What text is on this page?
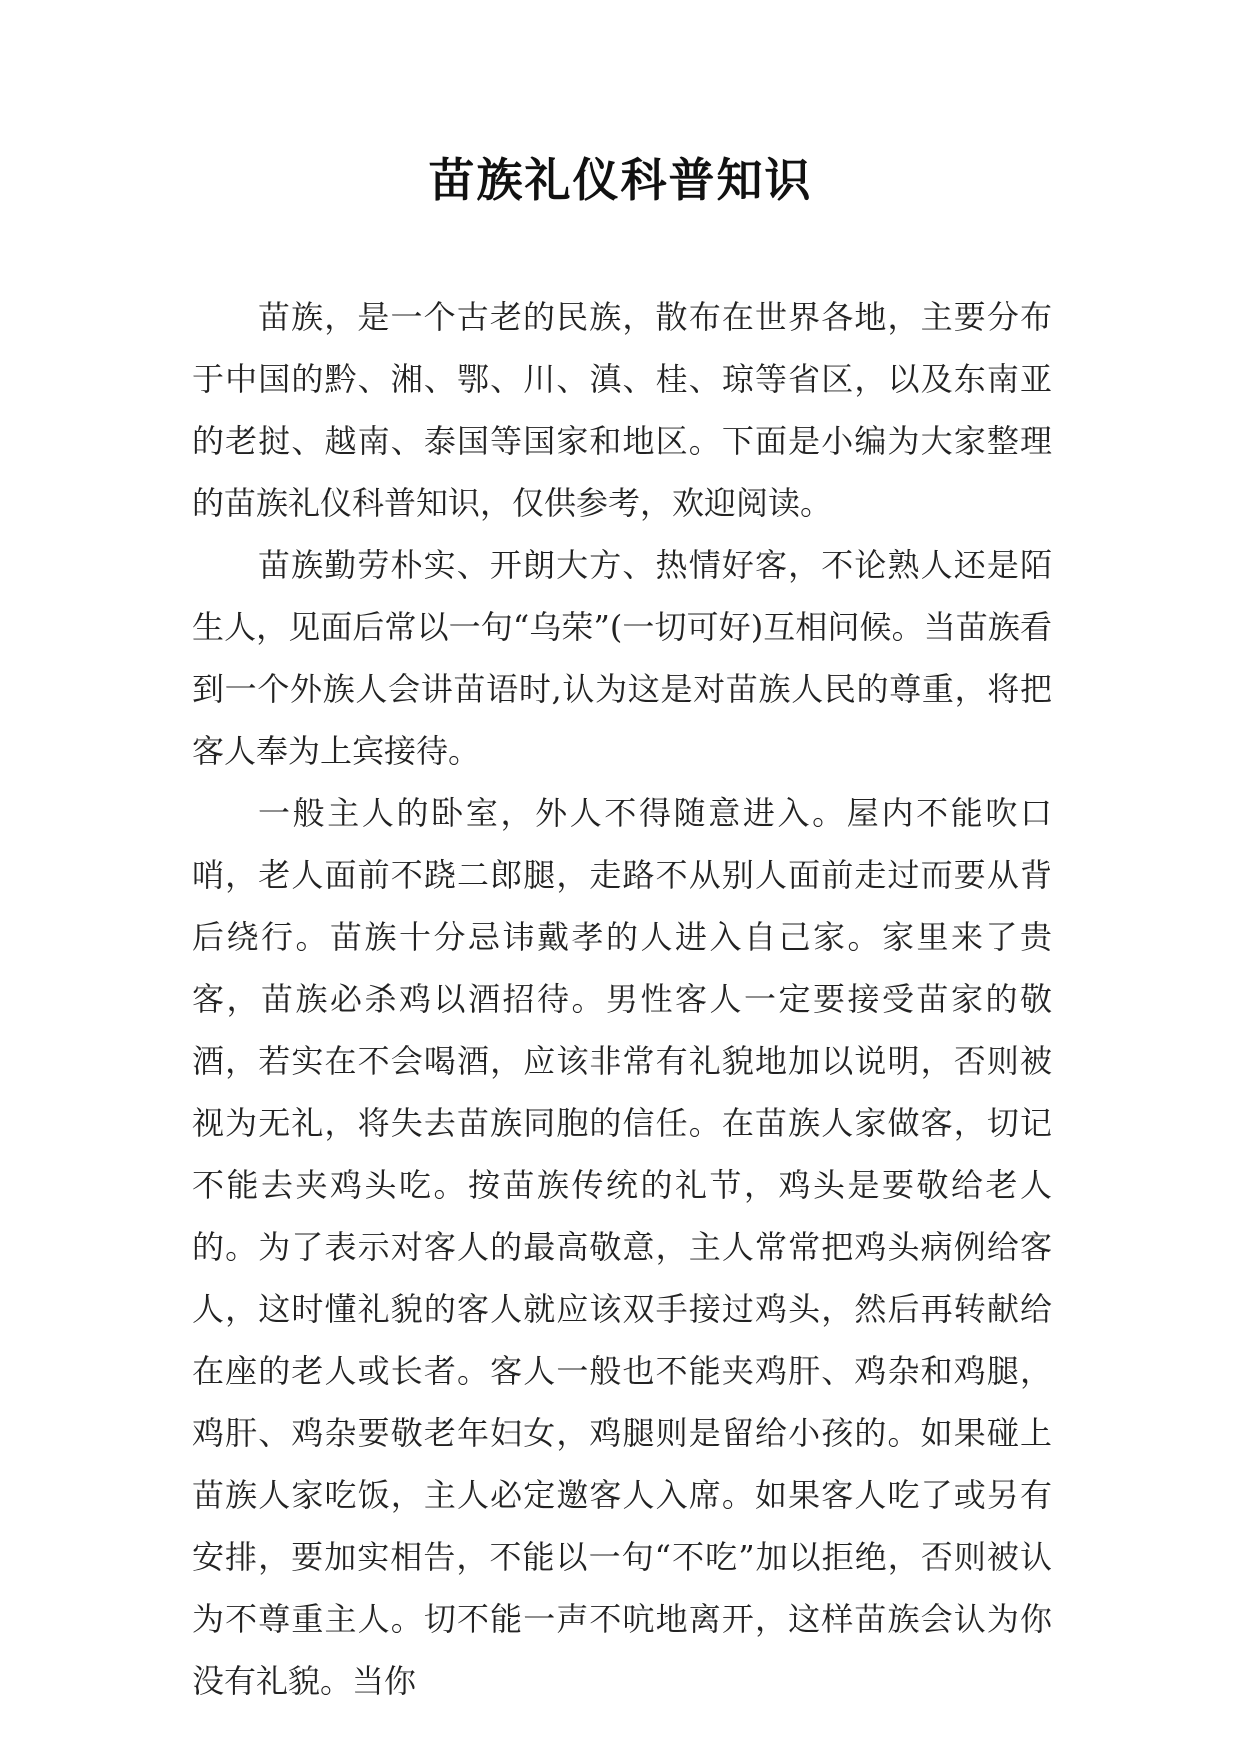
苗族礼仪科普知识

苗族，是一个古老的民族，散布在世界各地，主要分布于中国的黔、湘、鄂、川、滇、桂、琼等省区，以及东南亚的老挝、越南、泰国等国家和地区。下面是小编为大家整理的苗族礼仪科普知识，仅供参考，欢迎阅读。

苗族勤劳朴实、开朗大方、热情好客，不论熟人还是陌生人，见面后常以一句“乌荣”(一切可好)互相问候。当苗族看到一个外族人会讲苗语时,认为这是对苗族人民的尊重，将把客人奉为上宾接待。

一般主人的卧室，外人不得随意进入。屋内不能吹口哨，老人面前不跷二郎腿，走路不从别人面前走过而要从背后绕行。苗族十分忌讳戴孝的人进入自己家。家里来了贵客，苗族必杀鸡以酒招待。男性客人一定要接受苗家的敬酒，若实在不会喝酒，应该非常有礼貌地加以说明，否则被视为无礼，将失去苗族同胞的信任。在苗族人家做客，切记不能去夹鸡头吃。按苗族传统的礼节，鸡头是要敬给老人的。为了表示对客人的最高敬意，主人常常把鸡头病例给客人，这时懂礼貌的客人就应该双手接过鸡头，然后再转献给在座的老人或长者。客人一般也不能夹鸡肝、鸡杂和鸡腿，鸡肝、鸡杂要敬老年妇女，鸡腿则是留给小孩的。如果碰上苗族人家吃饭，主人必定邀客人入席。如果客人吃了或另有安排，要加实相告，不能以一句“不吃”加以拒绝，否则被认为不尊重主人。切不能一声不吭地离开，这样苗族会认为你没有礼貌。当你
